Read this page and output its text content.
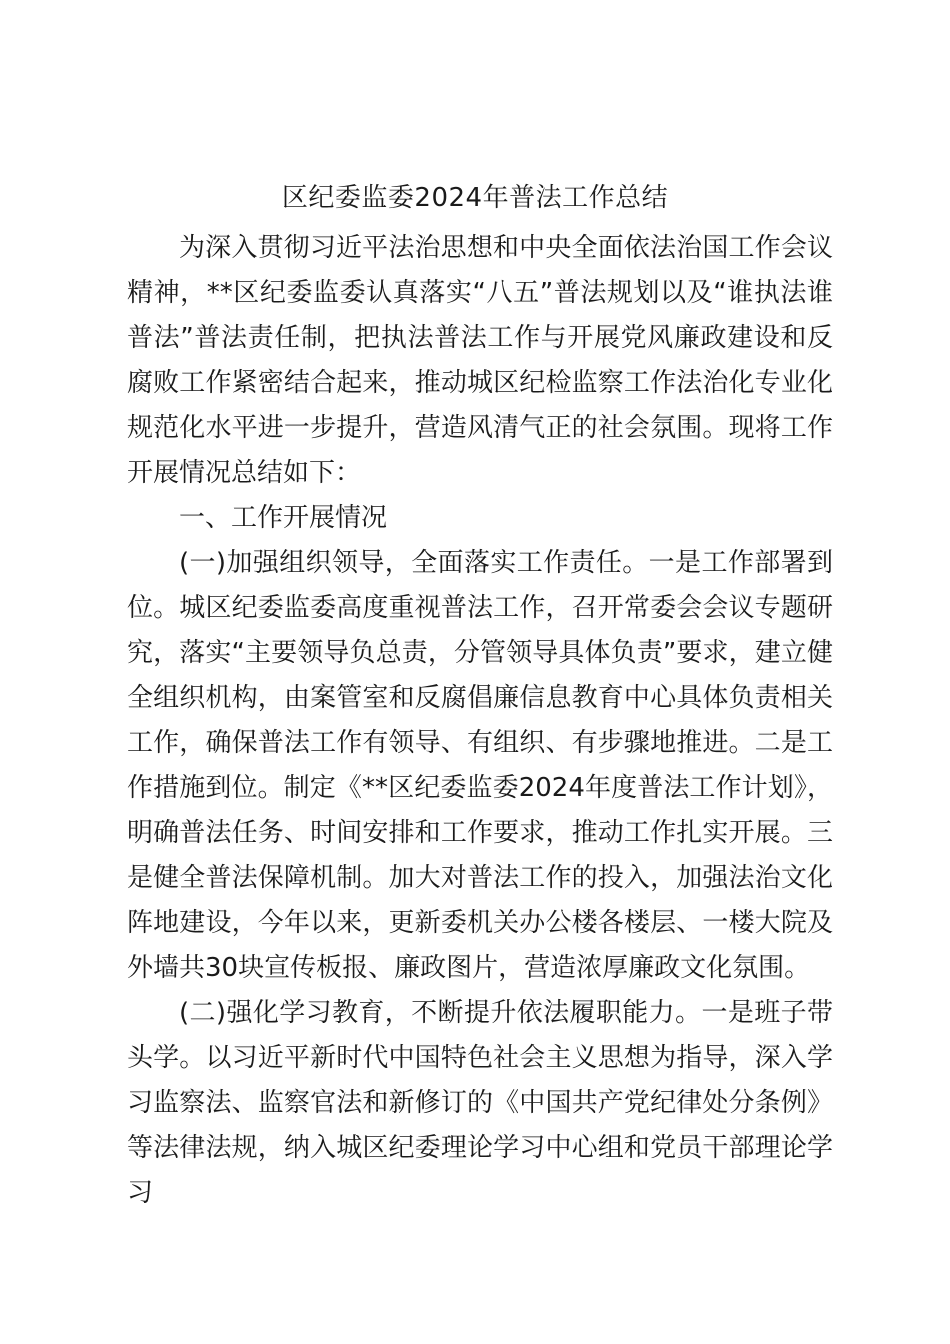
区纪委监委2024年普法工作总结

为深入贯彻习近平法治思想和中央全面依法治国工作会议精神，**区纪委监委认真落实“八五”普法规划以及“谁执法谁普法”普法责任制，把执法普法工作与开展党风廉政建设和反腐败工作紧密结合起来，推动城区纪检监察工作法治化专业化规范化水平进一步提升，营造风清气正的社会氛围。现将工作开展情况总结如下：

一、工作开展情况

(一)加强组织领导，全面落实工作责任。一是工作部署到位。城区纪委监委高度重视普法工作，召开常委会会议专题研究，落实“主要领导负总责，分管领导具体负责”要求，建立健全组织机构，由案管室和反腐倡廉信息教育中心具体负责相关工作，确保普法工作有领导、有组织、有步骤地推进。二是工作措施到位。制定《**区纪委监委2024年度普法工作计划》，明确普法任务、时间安排和工作要求，推动工作扎实开展。三是健全普法保障机制。加大对普法工作的投入，加强法治文化阵地建设，今年以来，更新委机关办公楼各楼层、一楼大院及外墙共30块宣传板报、廉政图片，营造浓厚廉政文化氛围。

(二)强化学习教育，不断提升依法履职能力。一是班子带头学。以习近平新时代中国特色社会主义思想为指导，深入学习监察法、监察官法和新修订的《中国共产党纪律处分条例》等法律法规，纳入城区纪委理论学习中心组和党员干部理论学习
